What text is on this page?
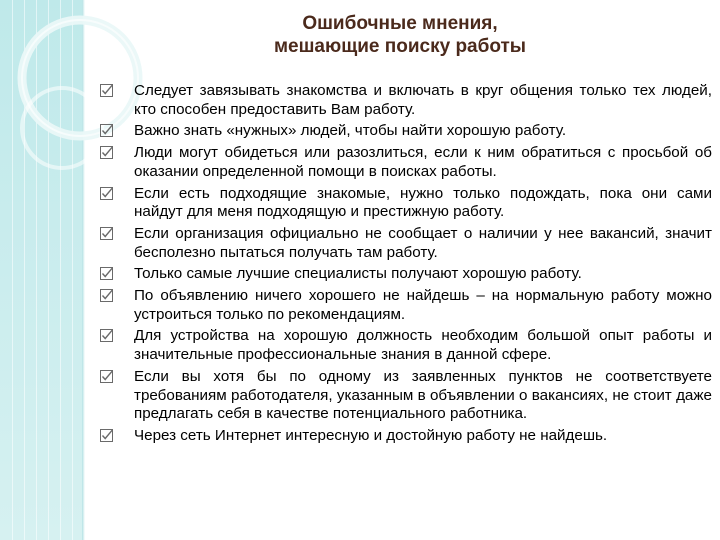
Ошибочные мнения,
мешающие поиску работы
Следует завязывать знакомства и включать в круг общения только тех людей, кто способен предоставить Вам работу.
Важно знать «нужных» людей, чтобы найти хорошую работу.
Люди могут обидеться или разозлиться, если к ним обратиться с просьбой об оказании определенной помощи в поисках работы.
Если есть подходящие знакомые, нужно только подождать, пока они сами найдут для меня подходящую и престижную работу.
Если организация официально не сообщает о наличии у нее вакансий, значит бесполезно пытаться получать там работу.
Только самые лучшие специалисты получают хорошую работу.
По объявлению ничего хорошего не найдешь – на нормальную работу можно устроиться только по рекомендациям.
Для устройства на хорошую должность необходим большой опыт работы и значительные профессиональные знания в данной сфере.
Если вы хотя бы по одному из заявленных пунктов не соответствуете требованиям работодателя, указанным в объявлении о вакансиях, не стоит даже предлагать себя в качестве потенциального работника.
Через сеть Интернет интересную и достойную работу не найдешь.
